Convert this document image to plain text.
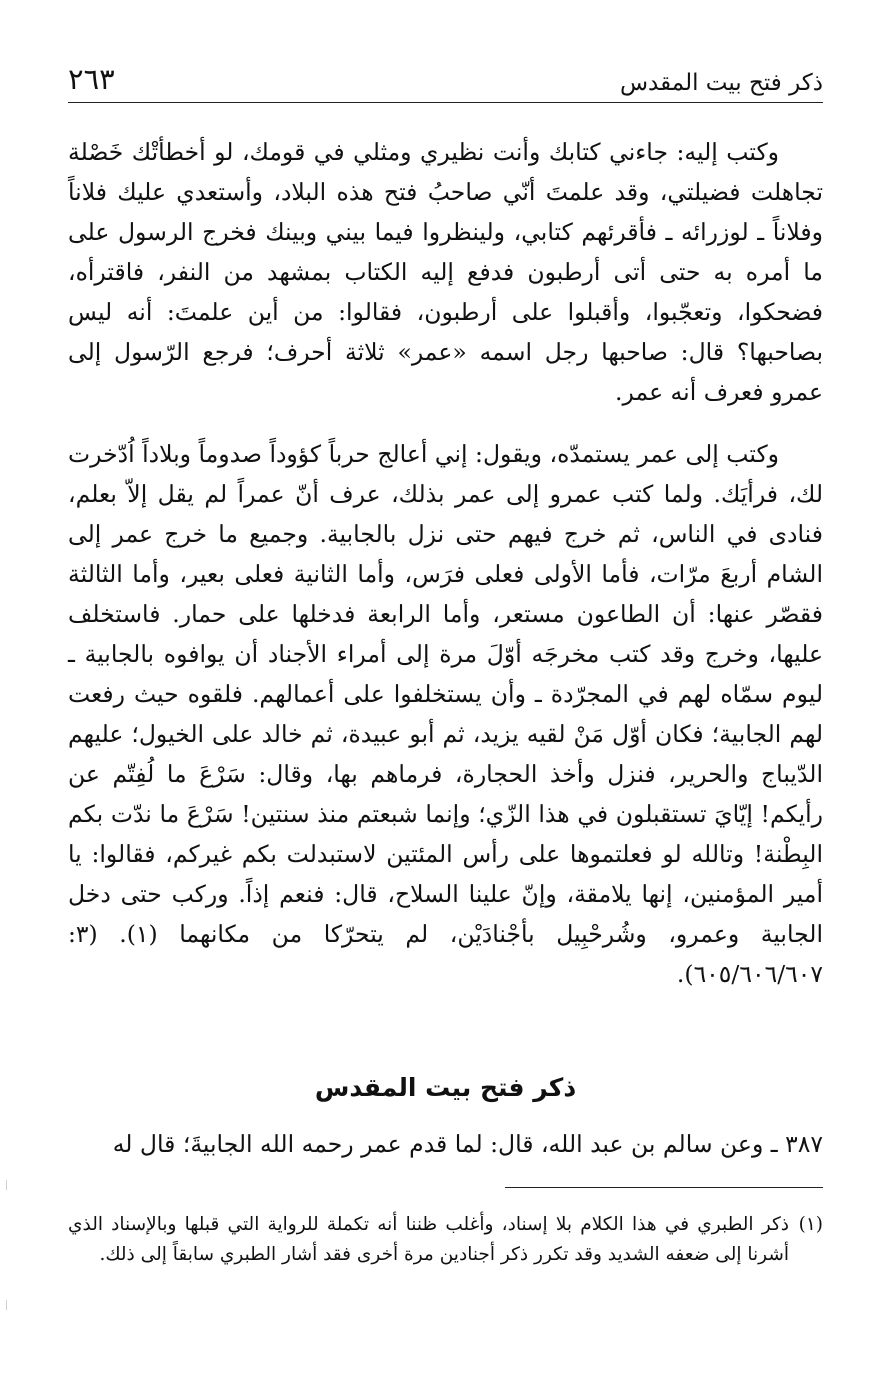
ذكر فتح بيت المقدس
٢٦٣

وكتب إليه: جاءني كتابك وأنت نظيري ومثلي في قومك، لو أخطأتْك خَصْلة تجاهلت فضيلتي، وقد علمتَ أنّي صاحبُ فتح هذه البلاد، وأستعدي عليك فلاناً وفلاناً ـ لوزرائه ـ فأقرئهم كتابي، ولينظروا فيما بيني وبينك فخرج الرسول على ما أمره به حتى أتى أرطبون فدفع إليه الكتاب بمشهد من النفر، فاقترأه، فضحكوا، وتعجّبوا، وأقبلوا على أرطبون، فقالوا: من أين علمتَ: أنه ليس بصاحبها؟ قال: صاحبها رجل اسمه «عمر» ثلاثة أحرف؛ فرجع الرّسول إلى عمرو فعرف أنه عمر.

وكتب إلى عمر يستمدّه، ويقول: إني أعالج حرباً كؤوداً صدوماً وبلاداً اُدّخرت لك، فرأيَك. ولما كتب عمرو إلى عمر بذلك، عرف أنّ عمراً لم يقل إلاّ بعلم، فنادى في الناس، ثم خرج فيهم حتى نزل بالجابية. وجميع ما خرج عمر إلى الشام أربعَ مرّات، فأما الأولى فعلى فرَس، وأما الثانية فعلى بعير، وأما الثالثة فقصّر عنها: أن الطاعون مستعر، وأما الرابعة فدخلها على حمار. فاستخلف عليها، وخرج وقد كتب مخرجَه أوّلَ مرة إلى أمراء الأجناد أن يوافوه بالجابية ـ ليوم سمّاه لهم في المجرّدة ـ وأن يستخلفوا على أعمالهم. فلقوه حيث رفعت لهم الجابية؛ فكان أوّل مَنْ لقيه يزيد، ثم أبو عبيدة، ثم خالد على الخيول؛ عليهم الدّيباج والحرير، فنزل وأخذ الحجارة، فرماهم بها، وقال: سَرْعَ ما لُفِتّم عن رأيكم! إيّايَ تستقبلون في هذا الزّي؛ وإنما شبعتم منذ سنتين! سَرْعَ ما ندّت بكم البِطْنة! وتالله لو فعلتموها على رأس المئتين لاستبدلت بكم غيركم، فقالوا: يا أمير المؤمنين، إنها يلامقة، وإنّ علينا السلاح، قال: فنعم إذاً. وركب حتى دخل الجابية وعمرو، وشُرحْبِيل بأجْنادَيْن، لم يتحرّكا من مكانهما (١). (٣: ٦٠٥/٦٠٦/٦٠٧).

ذكر فتح بيت المقدس

٣٨٧ ـ وعن سالم بن عبد الله، قال: لما قدم عمر رحمه الله الجابيةَ؛ قال له

(١)
ذكر الطبري في هذا الكلام بلا إسناد، وأغلب ظننا أنه تكملة للرواية التي قبلها وبالإسناد الذي أشرنا إلى ضعفه الشديد وقد تكرر ذكر أجنادين مرة أخرى فقد أشار الطبري سابقاً إلى ذلك.
